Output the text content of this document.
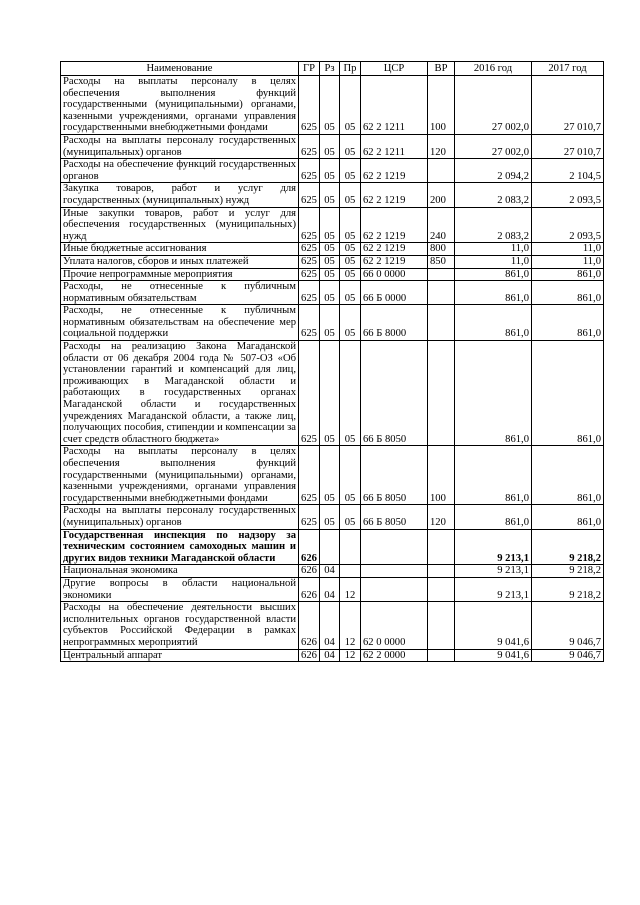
Наименование	ГР	Рз	Пр	ЦСР	ВР	2016 год	2017 год
Расходы на выплаты персоналу в целях обеспечения выполнения функций государственными (муниципальными) органами, казенными учреждениями, органами управления государственными внебюджетными фондами	625	05	05	62 2 1211	100	27 002,0	27 010,7
Расходы на выплаты персоналу государственных (муниципальных) органов	625	05	05	62 2 1211	120	27 002,0	27 010,7
Расходы на обеспечение функций государственных органов	625	05	05	62 2 1219		2 094,2	2 104,5
Закупка товаров, работ и услуг для государственных (муниципальных) нужд	625	05	05	62 2 1219	200	2 083,2	2 093,5
Иные закупки товаров, работ и услуг для обеспечения государственных (муниципальных) нужд	625	05	05	62 2 1219	240	2 083,2	2 093,5
Иные бюджетные ассигнования	625	05	05	62 2 1219	800	11,0	11,0
Уплата налогов, сборов и иных платежей	625	05	05	62 2 1219	850	11,0	11,0
Прочие непрограммные мероприятия	625	05	05	66 0 0000		861,0	861,0
Расходы, не отнесенные к публичным нормативным обязательствам	625	05	05	66 Б 0000		861,0	861,0
Расходы, не отнесенные к публичным нормативным обязательствам на обеспечение мер социальной поддержки	625	05	05	66 Б 8000		861,0	861,0
Расходы на реализацию Закона Магаданской области от 06 декабря 2004 года № 507-ОЗ «Об установлении гарантий и компенсаций для лиц, проживающих в Магаданской области и работающих в государственных органах Магаданской области и государственных учреждениях Магаданской области, а также лиц, получающих пособия, стипендии и компенсации за счет средств областного бюджета»	625	05	05	66 Б 8050		861,0	861,0
Расходы на выплаты персоналу в целях обеспечения выполнения функций государственными (муниципальными) органами, казенными учреждениями, органами управления государственными внебюджетными фондами	625	05	05	66 Б 8050	100	861,0	861,0
Расходы на выплаты персоналу государственных (муниципальных) органов	625	05	05	66 Б 8050	120	861,0	861,0
Государственная инспекция по надзору за техническим состоянием самоходных машин и других видов техники Магаданской области	626					9 213,1	9 218,2
Национальная экономика	626	04				9 213,1	9 218,2
Другие вопросы в области национальной экономики	626	04	12			9 213,1	9 218,2
Расходы на обеспечение деятельности высших исполнительных органов государственной власти субъектов Российской Федерации в рамках непрограммных мероприятий	626	04	12	62 0 0000		9 041,6	9 046,7
Центральный аппарат	626	04	12	62 2 0000		9 041,6	9 046,7
